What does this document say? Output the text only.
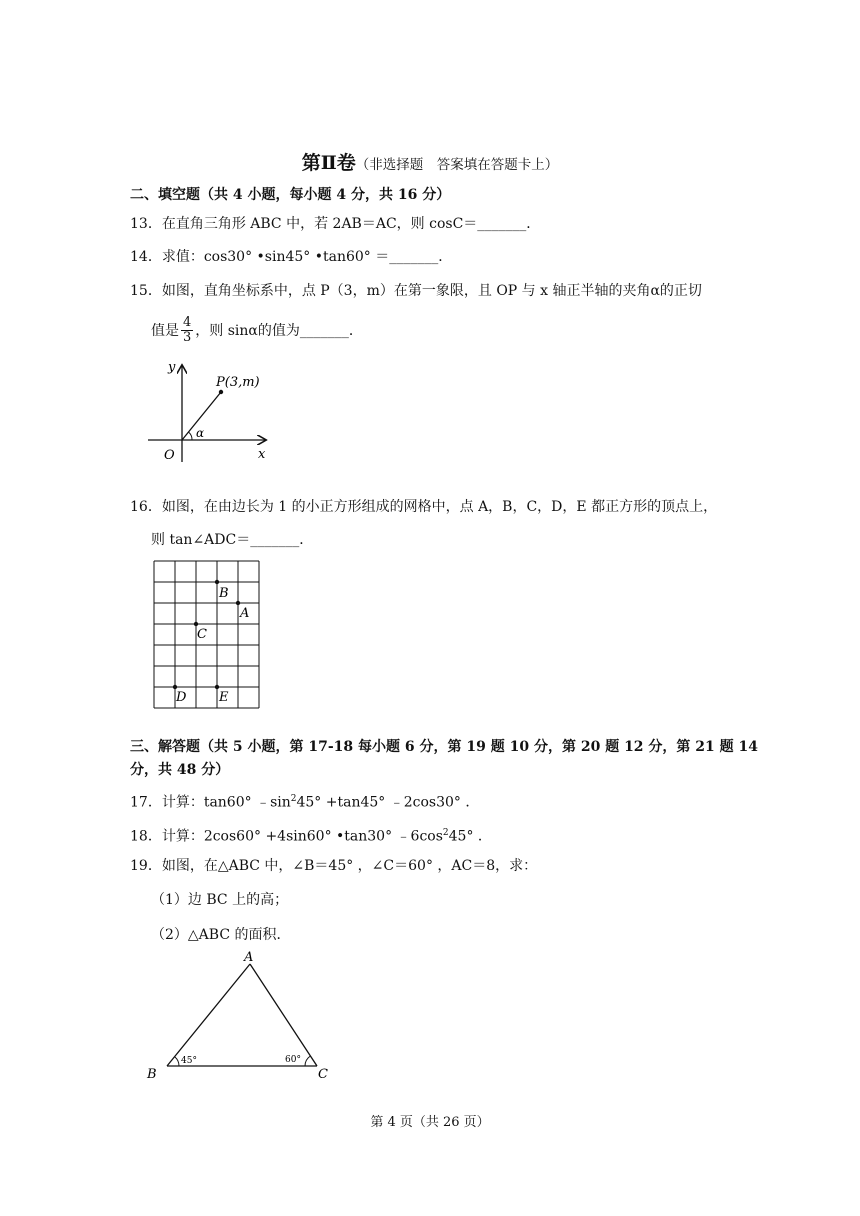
第Ⅱ卷（非选择题　答案填在答题卡上）
二、填空题（共 4 小题，每小题 4 分，共 16 分）
13．在直角三角形 ABC 中，若 2AB＝AC，则 cosC＝_______．
14．求值：cos30° •sin45° •tan60° ＝_______．
15．如图，直角坐标系中，点 P（3，m）在第一象限，且 OP 与 x 轴正半轴的夹角α的正切
值是 $\frac{4}{3}$ ，则 sinα的值为_______．
y
x
O
P(3,m)
α
16．如图，在由边长为 1 的小正方形组成的网格中，点 A，B，C，D，E 都正方形的顶点上，
则 tan∠ADC＝_______．
B
A
C
D	E
三、解答题（共 5 小题，第 17-18 每小题 6 分，第 19 题 10 分，第 20 题 12 分，第 21 题 14
分，共 48 分）
17．计算：tan60° $﹣\sin^245^\circ +\tan 45^\circ$ ﹣2cos30° ．
18．计算：2cos60° +4sin60° •tan30° $﹣6\cos^245^\circ$ ．
19．如图，在△ABC 中，∠B＝45° ，∠C＝60° ，AC＝8，求：
（1）边 BC 上的高；
（2）△ABC 的面积．
A
B	C
45°	60°
第 4 页（共 26 页）
